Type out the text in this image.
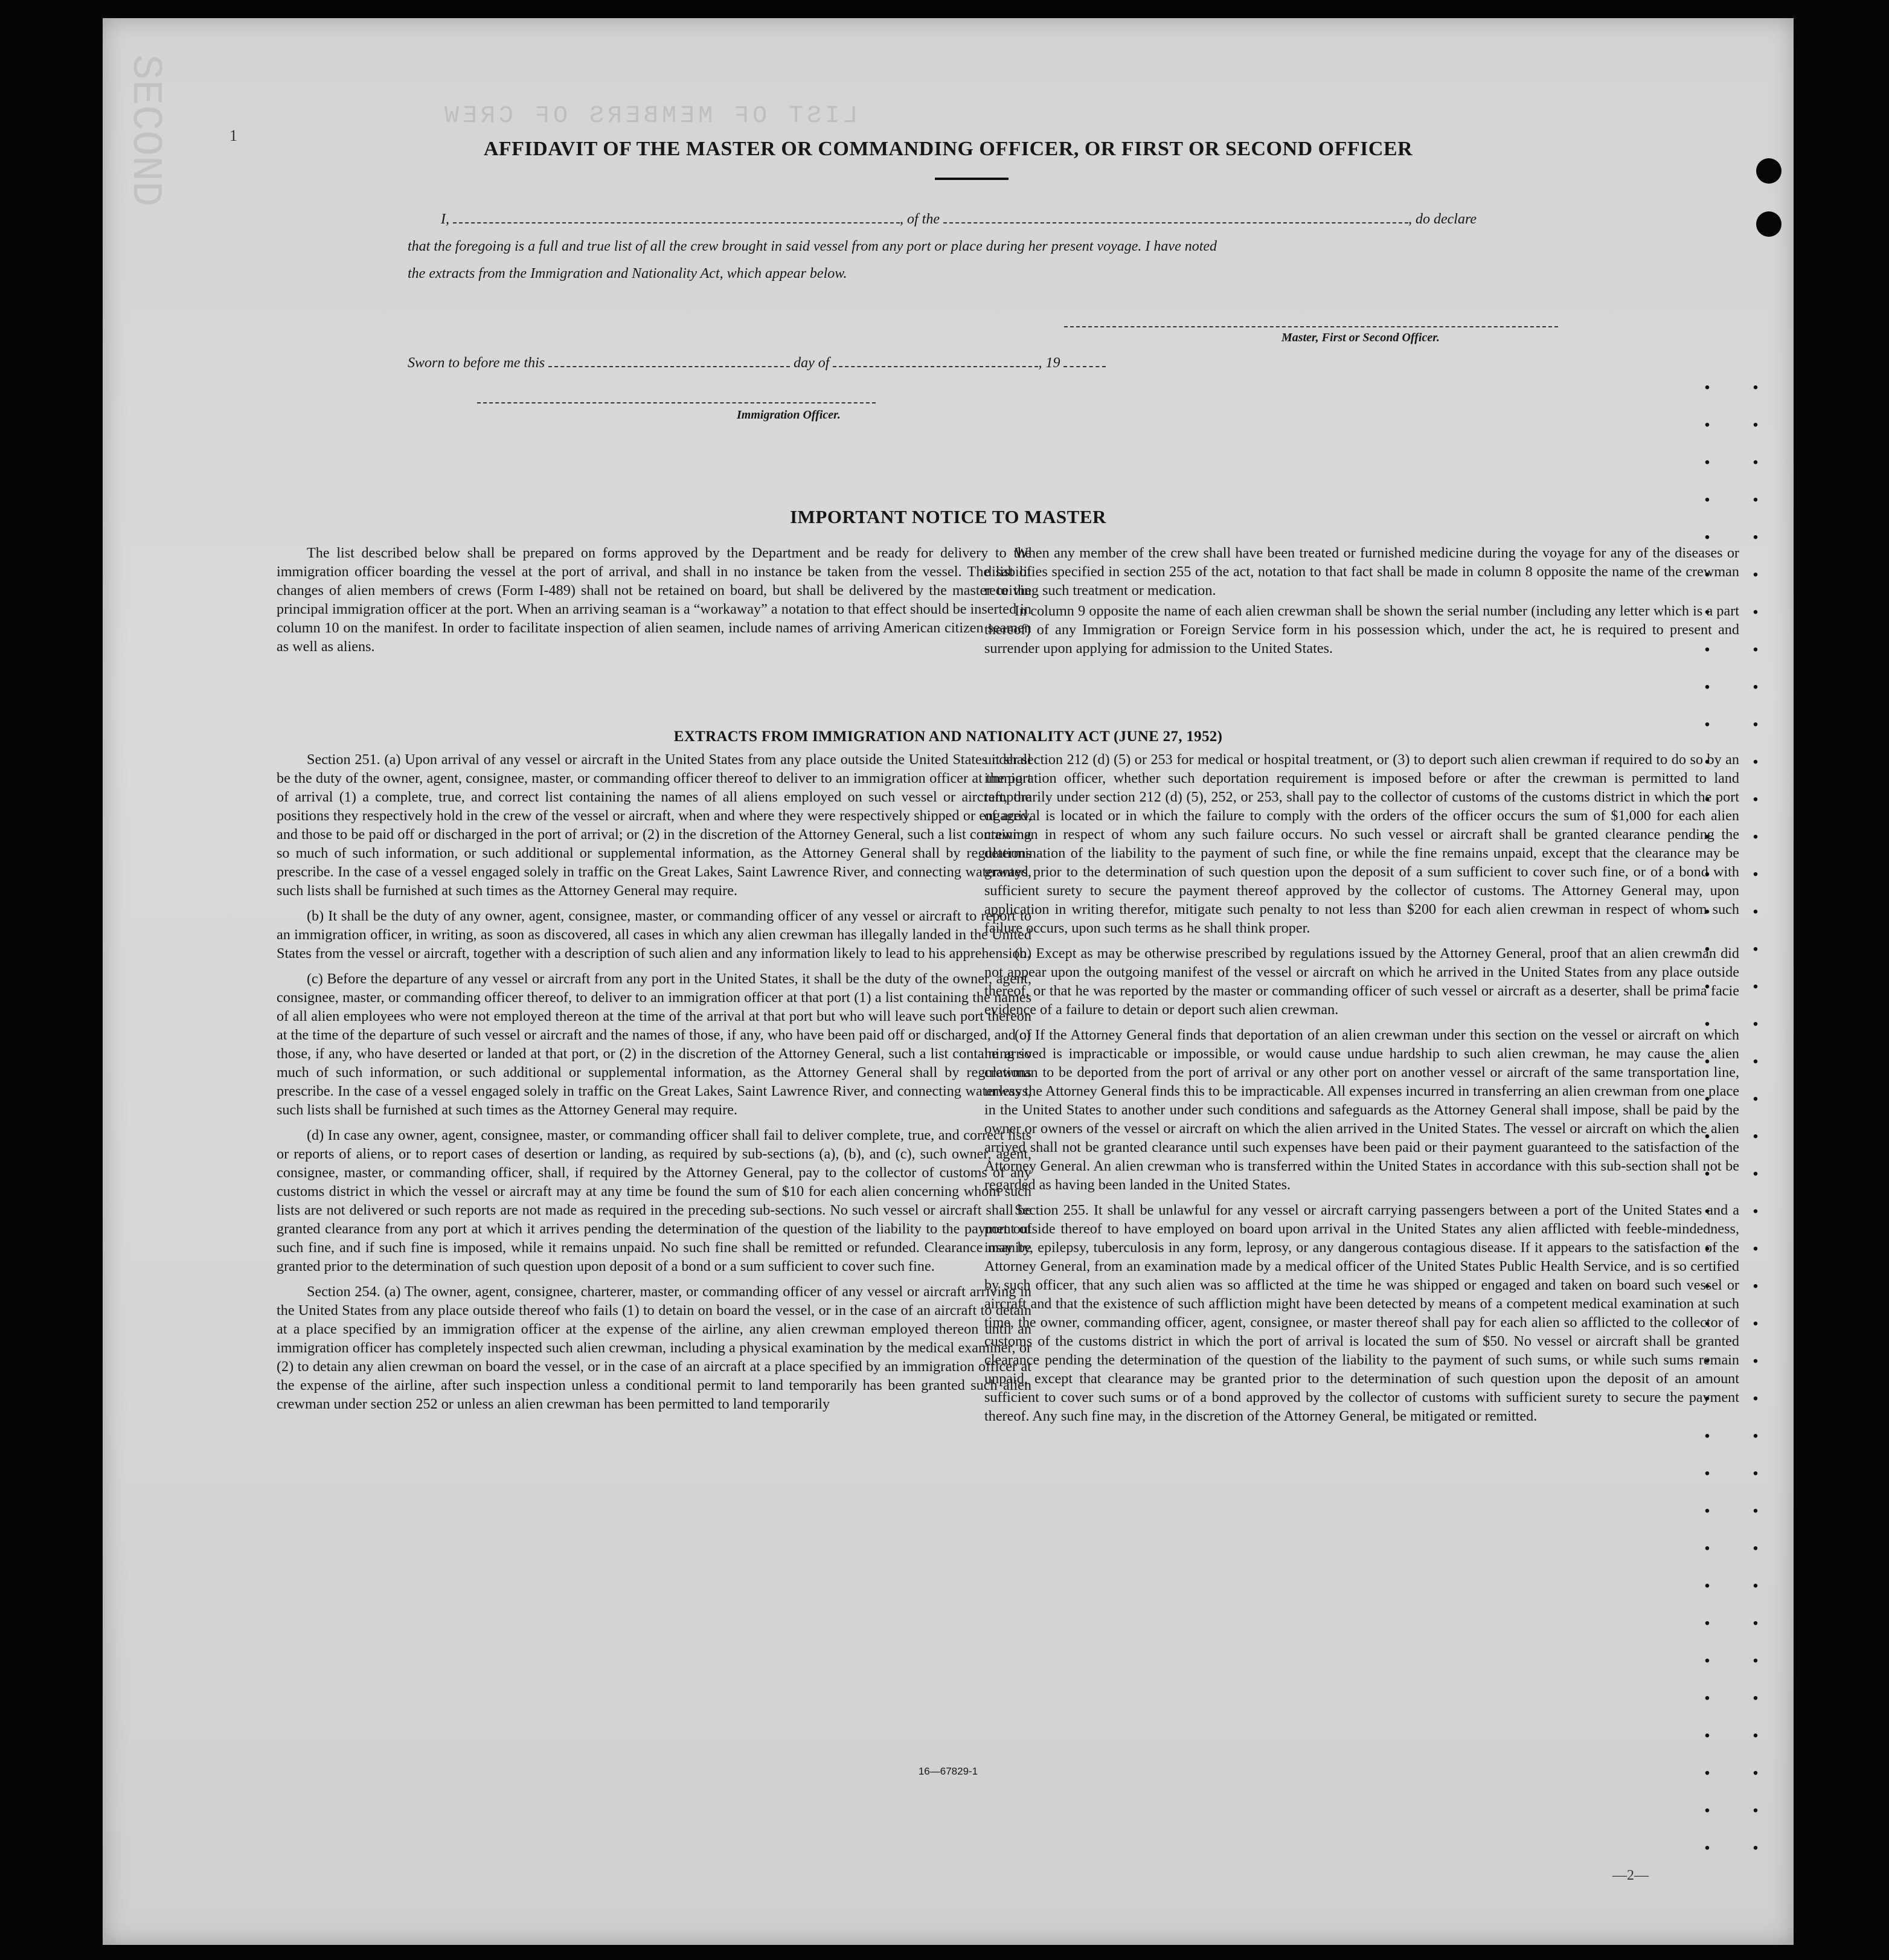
LIST OF MEMBERS OF CREW
SECOND	1
. .
. .
. .
. .
. .
. .
. .
. .
. .
. .
. .
. .
. .
. .
. .
. .
. .
. .
. .
. .
. .
. .
. .
. .
. .
. .
. .
. .
. .
. .
. .
. .
. .
. .
. .
. .
. .
. .
. .
. .
AFFIDAVIT OF THE MASTER OR COMMANDING OFFICER, OR FIRST OR SECOND OFFICER
I,	, of the	, do declare
that the foregoing is a full and true list of all the crew brought in said vessel from any port or place during her present voyage. I have noted
the extracts from the Immigration and Nationality Act, which appear below.
Master, First or Second Officer.
Sworn to before me this	day of	, 19
Immigration Officer.
IMPORTANT NOTICE TO MASTER

The list described below shall be prepared on forms approved by the Department and be ready for delivery to the immigration officer boarding the vessel at the port of arrival, and shall in no instance be taken from the vessel. The list of changes of alien members of crews (Form I-489) shall not be retained on board, but shall be delivered by the master to the principal immigration officer at the port. When an arriving seaman is a “workaway” a notation to that effect should be inserted in column 10 on the manifest. In order to facilitate inspection of alien seamen, include names of arriving American citizen seamen as well as aliens.

When any member of the crew shall have been treated or furnished medicine during the voyage for any of the diseases or disabilities specified in section 255 of the act, notation to that fact shall be made in column 8 opposite the name of the crewman receiving such treatment or medication.

In column 9 opposite the name of each alien crewman shall be shown the serial number (including any letter which is a part thereof) of any Immigration or Foreign Service form in his possession which, under the act, he is required to present and surrender upon applying for admission to the United States.

EXTRACTS FROM IMMIGRATION AND NATIONALITY ACT (JUNE 27, 1952)

Section 251. (a) Upon arrival of any vessel or aircraft in the United States from any place outside the United States it shall be the duty of the owner, agent, consignee, master, or commanding officer thereof to deliver to an immigration officer at the port of arrival (1) a complete, true, and correct list containing the names of all aliens employed on such vessel or aircraft, the positions they respectively hold in the crew of the vessel or aircraft, when and where they were respectively shipped or engaged, and those to be paid off or discharged in the port of arrival; or (2) in the discretion of the Attorney General, such a list containing so much of such information, or such additional or supplemental information, as the Attorney General shall by regulations prescribe. In the case of a vessel engaged solely in traffic on the Great Lakes, Saint Lawrence River, and connecting waterways, such lists shall be furnished at such times as the Attorney General may require.

(b) It shall be the duty of any owner, agent, consignee, master, or commanding officer of any vessel or aircraft to report to an immigration officer, in writing, as soon as discovered, all cases in which any alien crewman has illegally landed in the United States from the vessel or aircraft, together with a description of such alien and any information likely to lead to his apprehension.

(c) Before the departure of any vessel or aircraft from any port in the United States, it shall be the duty of the owner, agent, consignee, master, or commanding officer thereof, to deliver to an immigration officer at that port (1) a list containing the names of all alien employees who were not employed thereon at the time of the arrival at that port but who will leave such port thereon at the time of the departure of such vessel or aircraft and the names of those, if any, who have been paid off or discharged, and of those, if any, who have deserted or landed at that port, or (2) in the discretion of the Attorney General, such a list containing so much of such information, or such additional or supplemental information, as the Attorney General shall by regulations prescribe. In the case of a vessel engaged solely in traffic on the Great Lakes, Saint Lawrence River, and connecting waterways, such lists shall be furnished at such times as the Attorney General may require.

(d) In case any owner, agent, consignee, master, or commanding officer shall fail to deliver complete, true, and correct lists or reports of aliens, or to report cases of desertion or landing, as required by sub-sections (a), (b), and (c), such owner, agent, consignee, master, or commanding officer, shall, if required by the Attorney General, pay to the collector of customs of any customs district in which the vessel or aircraft may at any time be found the sum of $10 for each alien concerning whom such lists are not delivered or such reports are not made as required in the preceding sub-sections. No such vessel or aircraft shall be granted clearance from any port at which it arrives pending the determination of the question of the liability to the payment of such fine, and if such fine is imposed, while it remains unpaid. No such fine shall be remitted or refunded. Clearance may be granted prior to the determination of such question upon deposit of a bond or a sum sufficient to cover such fine.

Section 254. (a) The owner, agent, consignee, charterer, master, or commanding officer of any vessel or aircraft arriving in the United States from any place outside thereof who fails (1) to detain on board the vessel, or in the case of an aircraft to detain at a place specified by an immigration officer at the expense of the airline, any alien crewman employed thereon until an immigration officer has completely inspected such alien crewman, including a physical examination by the medical examiner, or (2) to detain any alien crewman on board the vessel, or in the case of an aircraft at a place specified by an immigration officer at the expense of the airline, after such inspection unless a conditional permit to land temporarily has been granted such alien crewman under section 252 or unless an alien crewman has been permitted to land temporarily

under section 212 (d) (5) or 253 for medical or hospital treatment, or (3) to deport such alien crewman if required to do so by an immigration officer, whether such deportation requirement is imposed before or after the crewman is permitted to land temporarily under section 212 (d) (5), 252, or 253, shall pay to the collector of customs of the customs district in which the port of arrival is located or in which the failure to comply with the orders of the officer occurs the sum of $1,000 for each alien crewman in respect of whom any such failure occurs. No such vessel or aircraft shall be granted clearance pending the determination of the liability to the payment of such fine, or while the fine remains unpaid, except that the clearance may be granted prior to the determination of such question upon the deposit of a sum sufficient to cover such fine, or of a bond with sufficient surety to secure the payment thereof approved by the collector of customs. The Attorney General may, upon application in writing therefor, mitigate such penalty to not less than $200 for each alien crewman in respect of whom such failure occurs, upon such terms as he shall think proper.

(b) Except as may be otherwise prescribed by regulations issued by the Attorney General, proof that an alien crewman did not appear upon the outgoing manifest of the vessel or aircraft on which he arrived in the United States from any place outside thereof, or that he was reported by the master or commanding officer of such vessel or aircraft as a deserter, shall be prima facie evidence of a failure to detain or deport such alien crewman.

(c) If the Attorney General finds that deportation of an alien crewman under this section on the vessel or aircraft on which he arrived is impracticable or impossible, or would cause undue hardship to such alien crewman, he may cause the alien crewman to be deported from the port of arrival or any other port on another vessel or aircraft of the same transportation line, unless the Attorney General finds this to be impracticable. All expenses incurred in transferring an alien crewman from one place in the United States to another under such conditions and safeguards as the Attorney General shall impose, shall be paid by the owner or owners of the vessel or aircraft on which the alien arrived in the United States. The vessel or aircraft on which the alien arrived shall not be granted clearance until such expenses have been paid or their payment guaranteed to the satisfaction of the Attorney General. An alien crewman who is transferred within the United States in accordance with this sub-section shall not be regarded as having been landed in the United States.

Section 255. It shall be unlawful for any vessel or aircraft carrying passengers between a port of the United States and a port outside thereof to have employed on board upon arrival in the United States any alien afflicted with feeble-mindedness, insanity, epilepsy, tuberculosis in any form, leprosy, or any dangerous contagious disease. If it appears to the satisfaction of the Attorney General, from an examination made by a medical officer of the United States Public Health Service, and is so certified by such officer, that any such alien was so afflicted at the time he was shipped or engaged and taken on board such vessel or aircraft and that the existence of such affliction might have been detected by means of a competent medical examination at such time, the owner, commanding officer, agent, consignee, or master thereof shall pay for each alien so afflicted to the collector of customs of the customs district in which the port of arrival is located the sum of $50. No vessel or aircraft shall be granted clearance pending the determination of the question of the liability to the payment of such sums, or while such sums remain unpaid, except that clearance may be granted prior to the determination of such question upon the deposit of an amount sufficient to cover such sums or of a bond approved by the collector of customs with sufficient surety to secure the payment thereof. Any such fine may, in the discretion of the Attorney General, be mitigated or remitted.

16—67829-1
—2—
